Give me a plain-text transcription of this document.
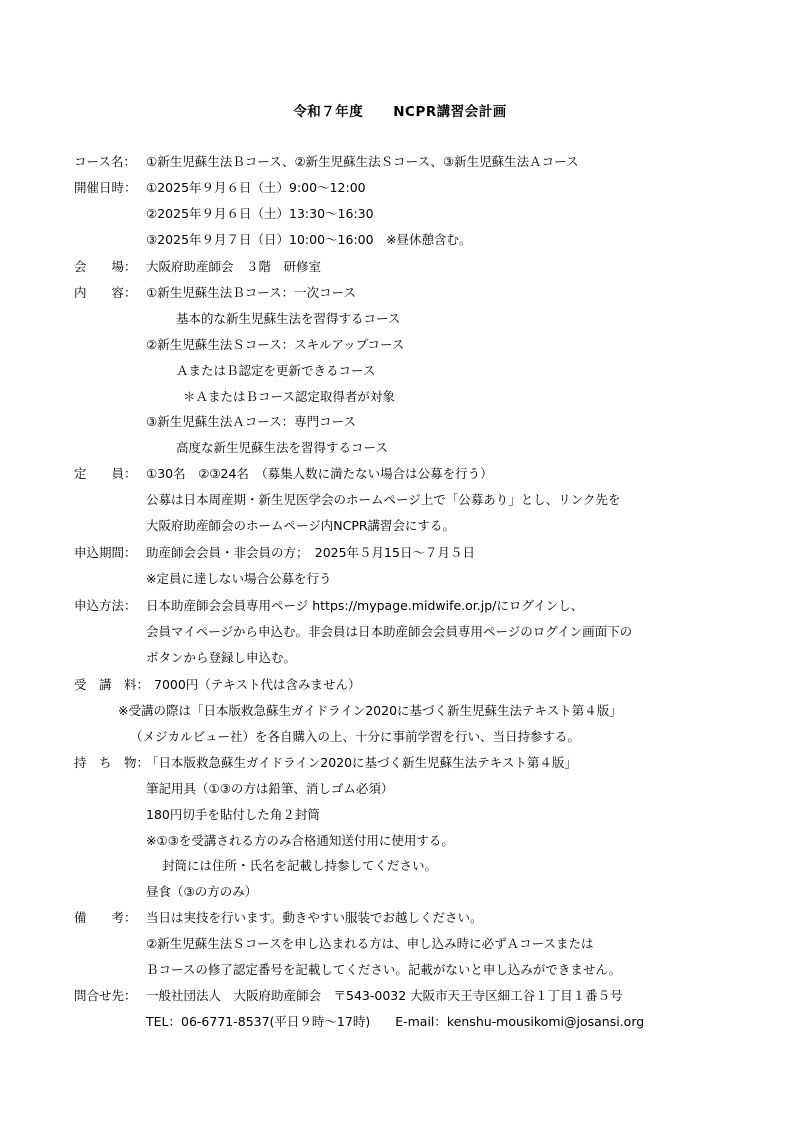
令和７年度 NCPR講習会計画
コース名： ①新生児蘇生法Ｂコース、②新生児蘇生法Ｓコース、③新生児蘇生法Ａコース
開催日時： ①2025年９月６日（土）9:00～12:00
②2025年９月６日（土）13:30～16:30
③2025年９月７日（日）10:00～16:00　※昼休憩含む。
会　　場： 大阪府助産師会　３階　研修室
内　　容： ①新生児蘇生法Ｂコース：一次コース
基本的な新生児蘇生法を習得するコース
②新生児蘇生法Ｓコース：スキルアップコース
ＡまたはＢ認定を更新できるコース
＊ＡまたはＢコース認定取得者が対象
③新生児蘇生法Ａコース：専門コース
高度な新生児蘇生法を習得するコース
定　　員： ①30名　②③24名　（募集人数に満たない場合は公募を行う）
公募は日本周産期・新生児医学会のホームページ上で「公募あり」とし、リンク先を
大阪府助産師会のホームページ内NCPR講習会にする。
申込期間： 助産師会会員・非会員の方；　2025年５月15日～７月５日
※定員に達しない場合公募を行う
申込方法： 日本助産師会会員専用ページ https://mypage.midwife.or.jp/にログインし、
会員マイページから申込む。非会員は日本助産師会会員専用ページのログイン画面下の
ボタンから登録し申込む。
受　講　料： 7000円（テキスト代は含みません）
※受講の際は「日本版救急蘇生ガイドライン2020に基づく新生児蘇生法テキスト第４版」
（メジカルビュー社）を各自購入の上、十分に事前学習を行い、当日持参する。
持　ち　物：
「日本版救急蘇生ガイドライン2020に基づく新生児蘇生法テキスト第４版」
筆記用具（①③の方は鉛筆、消しゴム必須）
180円切手を貼付した角２封筒
※①③を受講される方のみ合格通知送付用に使用する。
封筒には住所・氏名を記載し持参してください。
昼食（③の方のみ）
備　　考： 当日は実技を行います。動きやすい服装でお越しください。
②新生児蘇生法Ｓコースを申し込まれる方は、申し込み時に必ずＡコースまたは
Ｂコースの修了認定番号を記載してください。記載がないと申し込みができません。
問合せ先： 一般社団法人　大阪府助産師会　〒543-0032 大阪市天王寺区細工谷１丁目１番５号
TEL：06-6771-8537(平日９時～17時)　　E-mail：kenshu-mousikomi@josansi.org
